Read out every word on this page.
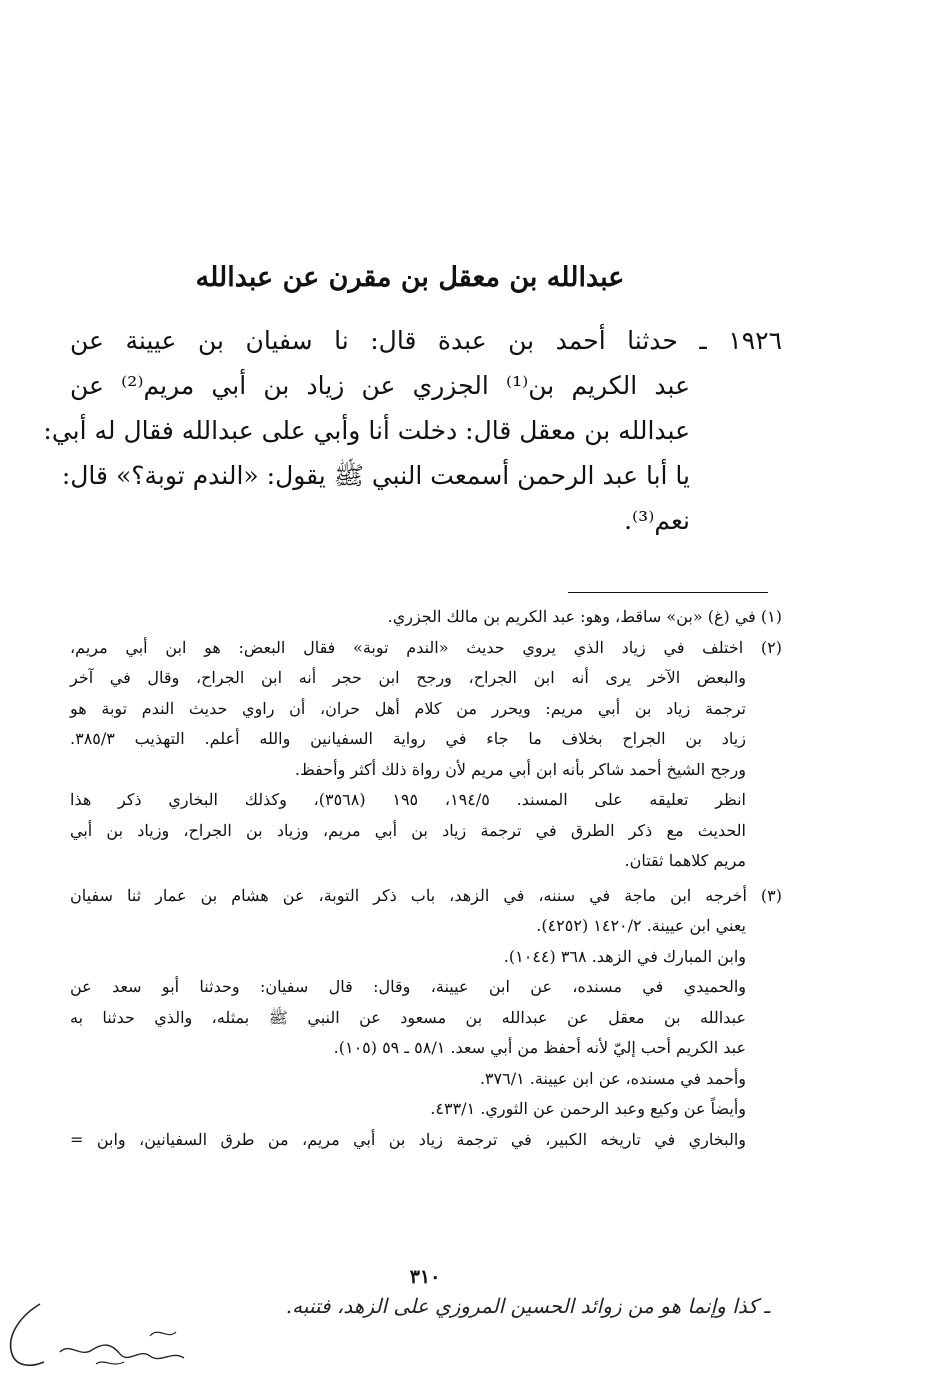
عبدالله بن معقل بن مقرن عن عبدالله
١٩٢٦ ـ حدثنا أحمد بن عبدة قال: نا سفيان بن عيينة عن
عبد الكريم بن⁽¹⁾ الجزري عن زياد بن أبي مريم⁽²⁾ عن
عبدالله بن معقل قال: دخلت أنا وأبي على عبدالله فقال له أبي:
يا أبا عبد الرحمن أسمعت النبي ﷺ يقول: «الندم توبة؟» قال:
نعم⁽³⁾.
(١) في (غ) «بن» ساقط، وهو: عبد الكريم بن مالك الجزري.
(٢) اختلف في زياد الذي يروي حديث «الندم توبة» فقال البعض: هو ابن أبي مريم،
والبعض الآخر يرى أنه ابن الجراح، ورجح ابن حجر أنه ابن الجراح، وقال في آخر
ترجمة زياد بن أبي مريم: ويحرر من كلام أهل حران، أن راوي حديث الندم توبة هو
زياد بن الجراح بخلاف ما جاء في رواية السفيانين والله أعلم. التهذيب ٣٨٥/٣.
ورجح الشيخ أحمد شاكر بأنه ابن أبي مريم لأن رواة ذلك أكثر وأحفظ.
انظر تعليقه على المسند. ١٩٤/٥، ١٩٥ (٣٥٦٨)، وكذلك البخاري ذكر هذا
الحديث مع ذكر الطرق في ترجمة زياد بن أبي مريم، وزياد بن الجراح، وزياد بن أبي
مريم كلاهما ثقتان.
(٣) أخرجه ابن ماجة في سننه، في الزهد، باب ذكر التوبة، عن هشام بن عمار ثنا سفيان
يعني ابن عيينة. ١٤٢٠/٢ (٤٢٥٢).
وابن المبارك في الزهد. ٣٦٨ (١٠٤٤).
والحميدي في مسنده، عن ابن عيينة، وقال: قال سفيان: وحدثنا أبو سعد عن
عبدالله بن معقل عن عبدالله بن مسعود عن النبي ﷺ بمثله، والذي حدثنا به
عبد الكريم أحب إليّ لأنه أحفظ من أبي سعد. ٥٨/١ ـ ٥٩ (١٠٥).
وأحمد في مسنده، عن ابن عيينة. ٣٧٦/١.
وأيضاً عن وكيع وعبد الرحمن عن الثوري. ٤٣٣/١.
والبخاري في تاريخه الكبير، في ترجمة زياد بن أبي مريم، من طرق السفيانين، وابن =
٣١٠
ـ كذا وإنما هو من زوائد الحسين المروزي على الزهد، فتنبه.
